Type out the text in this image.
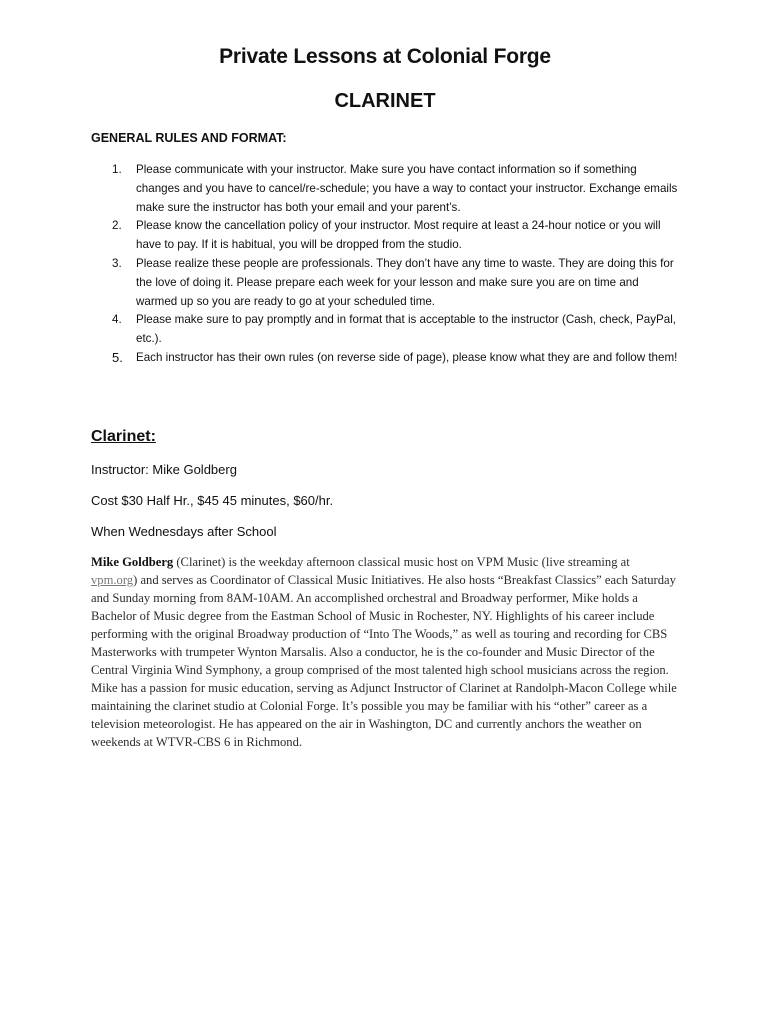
Private Lessons at Colonial Forge
CLARINET
GENERAL RULES AND FORMAT:
1. Please communicate with your instructor. Make sure you have contact information so if something changes and you have to cancel/re-schedule; you have a way to contact your instructor. Exchange emails make sure the instructor has both your email and your parent’s.
2. Please know the cancellation policy of your instructor. Most require at least a 24-hour notice or you will have to pay. If it is habitual, you will be dropped from the studio.
3. Please realize these people are professionals. They don’t have any time to waste. They are doing this for the love of doing it. Please prepare each week for your lesson and make sure you are on time and warmed up so you are ready to go at your scheduled time.
4. Please make sure to pay promptly and in format that is acceptable to the instructor (Cash, check, PayPal, etc.).
5. Each instructor has their own rules (on reverse side of page), please know what they are and follow them!
Clarinet:
Instructor: Mike Goldberg
Cost $30 Half Hr., $45 45 minutes, $60/hr.
When Wednesdays after School

Mike Goldberg (Clarinet) is the weekday afternoon classical music host on VPM Music (live streaming at vpm.org) and serves as Coordinator of Classical Music Initiatives. He also hosts “Breakfast Classics” each Saturday and Sunday morning from 8AM-10AM. An accomplished orchestral and Broadway performer, Mike holds a Bachelor of Music degree from the Eastman School of Music in Rochester, NY. Highlights of his career include performing with the original Broadway production of “Into The Woods,” as well as touring and recording for CBS Masterworks with trumpeter Wynton Marsalis. Also a conductor, he is the co-founder and Music Director of the Central Virginia Wind Symphony, a group comprised of the most talented high school musicians across the region. Mike has a passion for music education, serving as Adjunct Instructor of Clarinet at Randolph-Macon College while maintaining the clarinet studio at Colonial Forge. It’s possible you may be familiar with his “other” career as a television meteorologist. He has appeared on the air in Washington, DC and currently anchors the weather on weekends at WTVR-CBS 6 in Richmond.
